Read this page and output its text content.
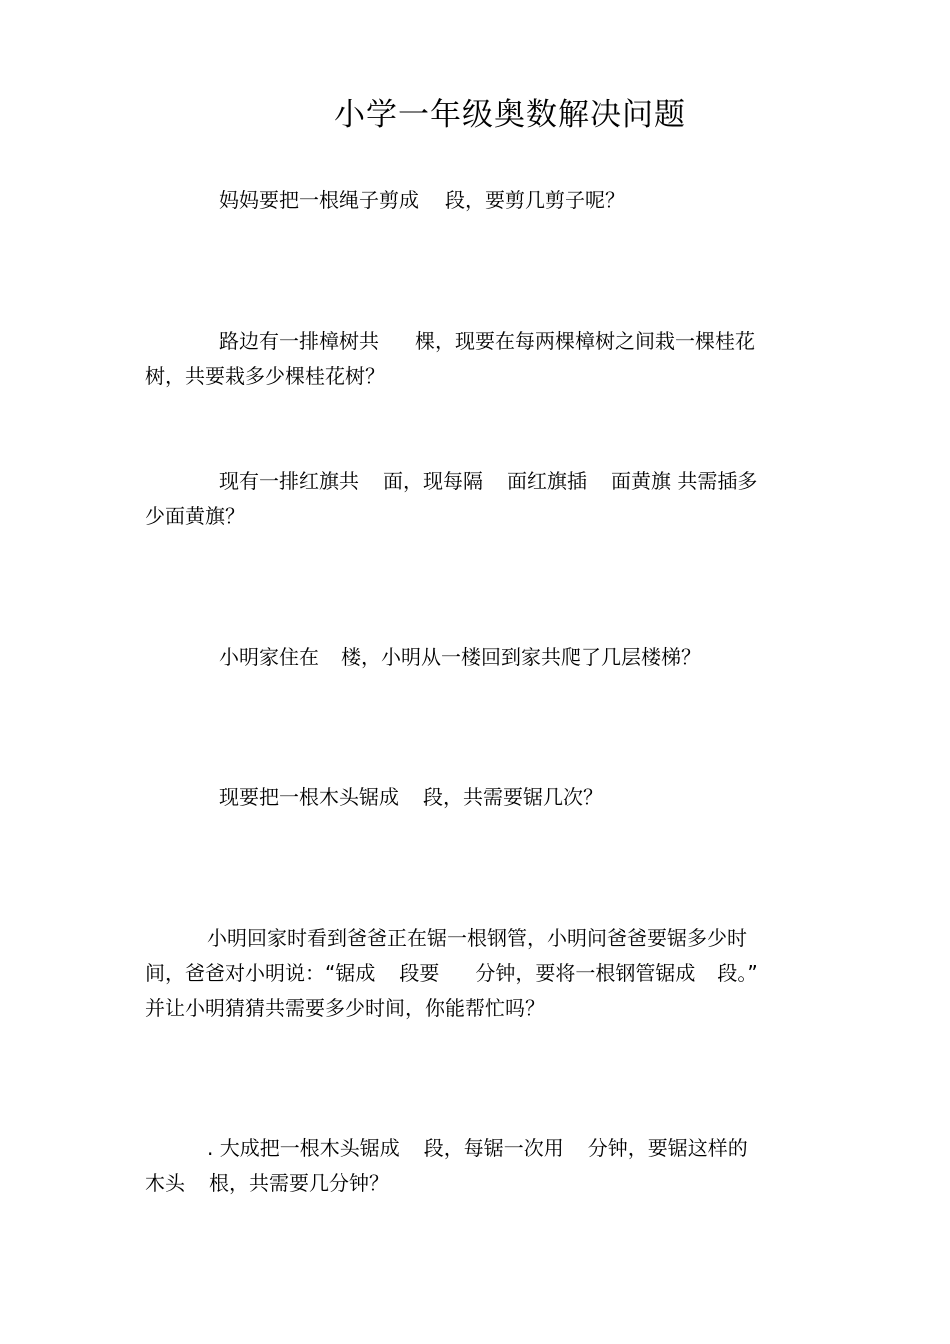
小学一年级奥数解决问题
妈妈要把一根绳子剪成 段，要剪几剪子呢？
路边有一排樟树共 棵，现要在每两棵樟树之间栽一棵桂花
树，共要栽多少棵桂花树？
现有一排红旗共 面，现每隔 面红旗插 面黄旗 共需插多
少面黄旗？
小明家住在 楼，小明从一楼回到家共爬了几层楼梯？
现要把一根木头锯成 段，共需要锯几次？
小明回家时看到爸爸正在锯一根钢管，小明问爸爸要锯多少时
间，爸爸对小明说：“锯成 段要 分钟，要将一根钢管锯成 段。”
并让小明猜猜共需要多少时间，你能帮忙吗？
. 大成把一根木头锯成 段，每锯一次用 分钟，要锯这样的
木头 根，共需要几分钟？
